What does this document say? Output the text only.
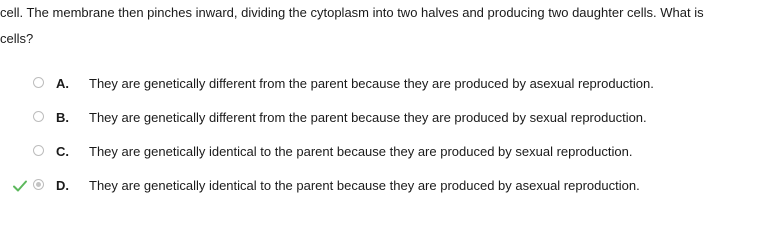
cell. The membrane then pinches inward, dividing the cytoplasm into two halves and producing two daughter cells. What is
cells?

A. They are genetically different from the parent because they are produced by asexual reproduction.
B. They are genetically different from the parent because they are produced by sexual reproduction.
C. They are genetically identical to the parent because they are produced by sexual reproduction.
D. They are genetically identical to the parent because they are produced by asexual reproduction.
